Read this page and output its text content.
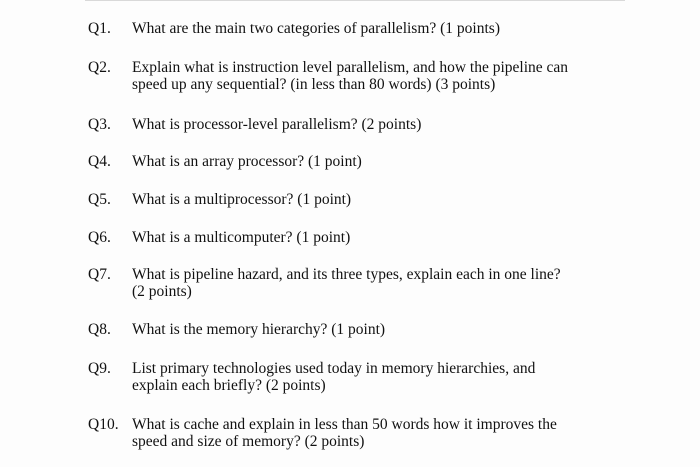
Q1. What are the main two categories of parallelism? (1 points)
Q2. Explain what is instruction level parallelism, and how the pipeline can
speed up any sequential? (in less than 80 words) (3 points)
Q3. What is processor-level parallelism? (2 points)
Q4. What is an array processor? (1 point)
Q5. What is a multiprocessor? (1 point)
Q6. What is a multicomputer? (1 point)
Q7. What is pipeline hazard, and its three types, explain each in one line?
(2 points)
Q8. What is the memory hierarchy? (1 point)
Q9. List primary technologies used today in memory hierarchies, and
explain each briefly? (2 points)
Q10. What is cache and explain in less than 50 words how it improves the
speed and size of memory? (2 points)
